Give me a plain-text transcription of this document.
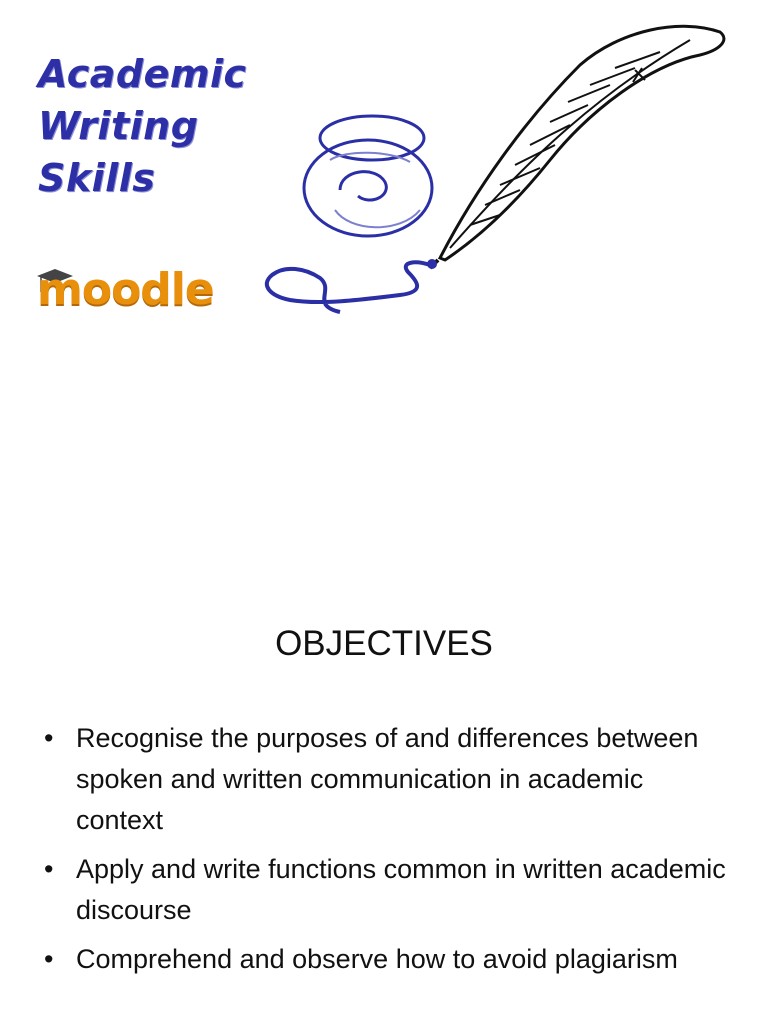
Academic
Writing
Skills
moodle
OBJECTIVES
• Recognise the purposes of and differences between spoken and written communication in academic context
• Apply and write functions common in written academic discourse
• Comprehend and observe how to avoid plagiarism
